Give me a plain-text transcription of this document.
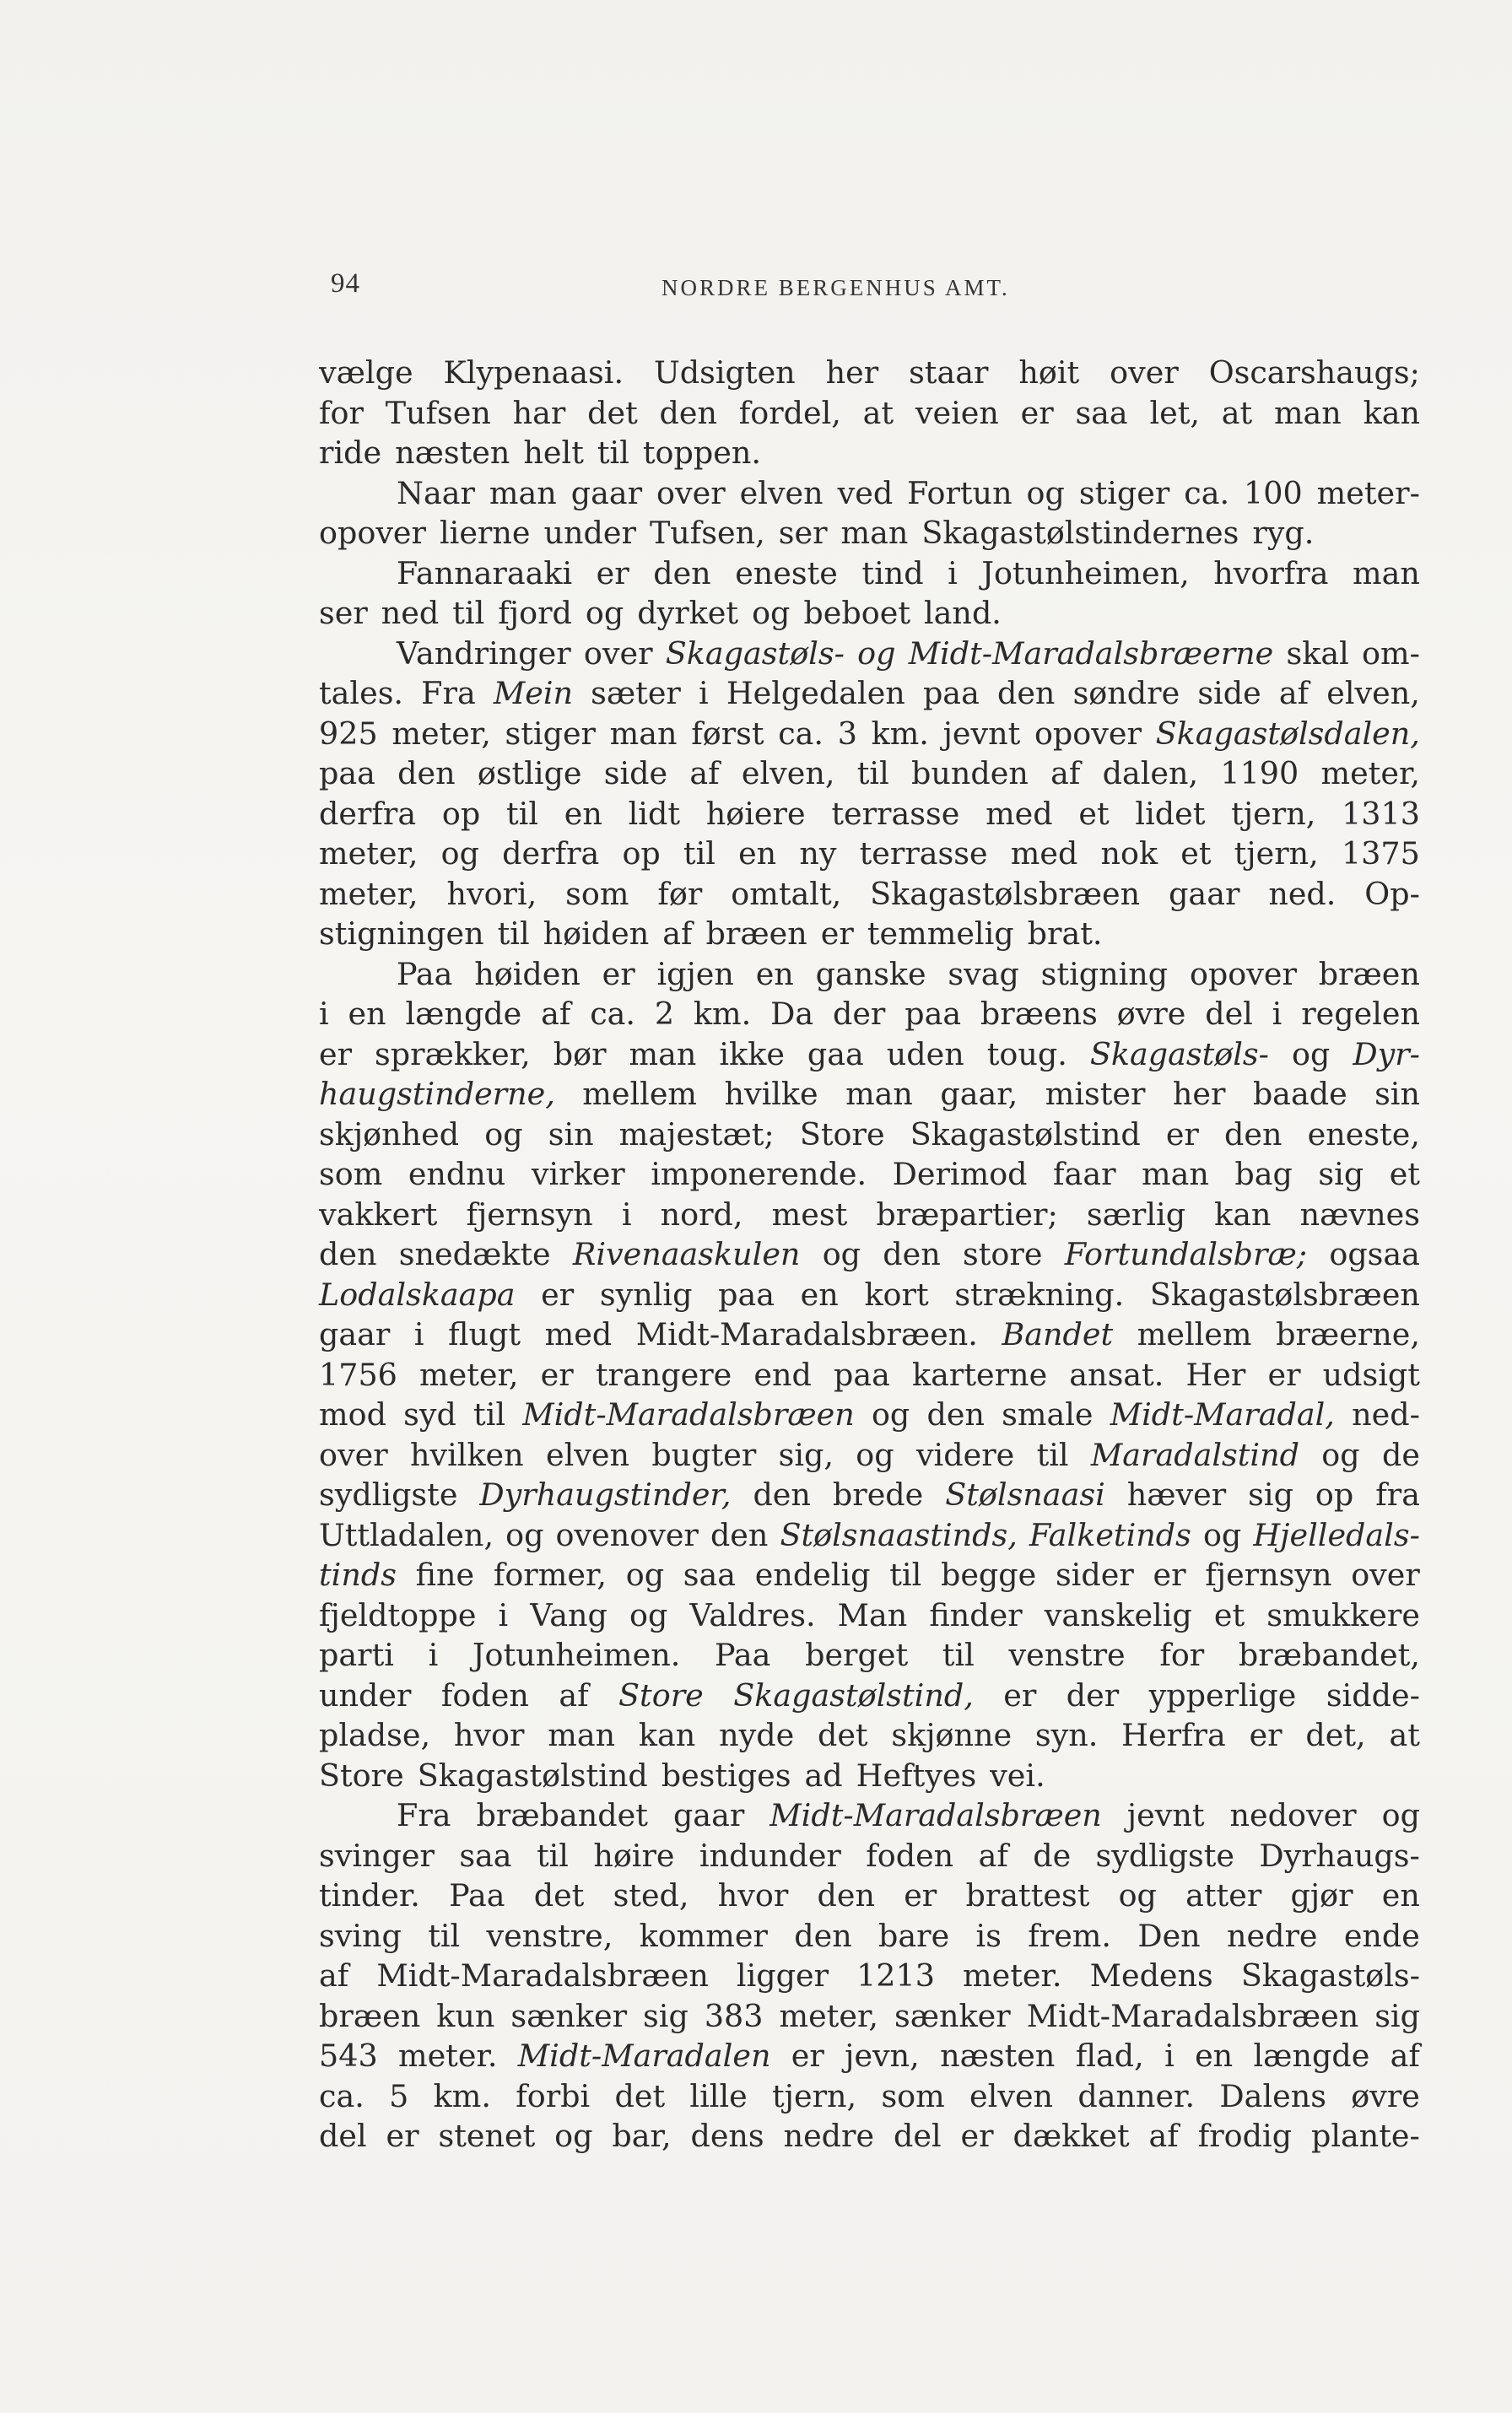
94	NORDRE BERGENHUS AMT.
vælge Klypenaasi. Udsigten her staar høit over Oscarshaugs;
for Tufsen har det den fordel, at veien er saa let, at man kan
ride næsten helt til toppen.
Naar man gaar over elven ved Fortun og stiger ca. 100 meter-
opover lierne under Tufsen, ser man Skagastølstindernes ryg.
Fannaraaki er den eneste tind i Jotunheimen, hvorfra man
ser ned til fjord og dyrket og beboet land.
Vandringer over Skagastøls- og Midt-Maradalsbræerne skal om-
tales. Fra Mein sæter i Helgedalen paa den søndre side af elven,
925 meter, stiger man først ca. 3 km. jevnt opover Skagastølsdalen,
paa den østlige side af elven, til bunden af dalen, 1190 meter,
derfra op til en lidt høiere terrasse med et lidet tjern, 1313
meter, og derfra op til en ny terrasse med nok et tjern, 1375
meter, hvori, som før omtalt, Skagastølsbræen gaar ned. Op-
stigningen til høiden af bræen er temmelig brat.
Paa høiden er igjen en ganske svag stigning opover bræen
i en længde af ca. 2 km. Da der paa bræens øvre del i regelen
er sprækker, bør man ikke gaa uden toug. Skagastøls- og Dyr-
haugstinderne, mellem hvilke man gaar, mister her baade sin
skjønhed og sin majestæt; Store Skagastølstind er den eneste,
som endnu virker imponerende. Derimod faar man bag sig et
vakkert fjernsyn i nord, mest bræpartier; særlig kan nævnes
den snedækte Rivenaaskulen og den store Fortundalsbræ; ogsaa
Lodalskaapa er synlig paa en kort strækning. Skagastølsbræen
gaar i flugt med Midt-Maradalsbræen. Bandet mellem bræerne,
1756 meter, er trangere end paa karterne ansat. Her er udsigt
mod syd til Midt-Maradalsbræen og den smale Midt-Maradal, ned-
over hvilken elven bugter sig, og videre til Maradalstind og de
sydligste Dyrhaugstinder, den brede Stølsnaasi hæver sig op fra
Uttladalen, og ovenover den Stølsnaastinds, Falketinds og Hjelledals-
tinds fine former, og saa endelig til begge sider er fjernsyn over
fjeldtoppe i Vang og Valdres. Man finder vanskelig et smukkere
parti i Jotunheimen. Paa berget til venstre for bræbandet,
under foden af Store Skagastølstind, er der ypperlige sidde-
pladse, hvor man kan nyde det skjønne syn. Herfra er det, at
Store Skagastølstind bestiges ad Heftyes vei.
Fra bræbandet gaar Midt-Maradalsbræen jevnt nedover og
svinger saa til høire indunder foden af de sydligste Dyrhaugs-
tinder. Paa det sted, hvor den er brattest og atter gjør en
sving til venstre, kommer den bare is frem. Den nedre ende
af Midt-Maradalsbræen ligger 1213 meter. Medens Skagastøls-
bræen kun sænker sig 383 meter, sænker Midt-Maradalsbræen sig
543 meter. Midt-Maradalen er jevn, næsten flad, i en længde af
ca. 5 km. forbi det lille tjern, som elven danner. Dalens øvre
del er stenet og bar, dens nedre del er dækket af frodig plante-
